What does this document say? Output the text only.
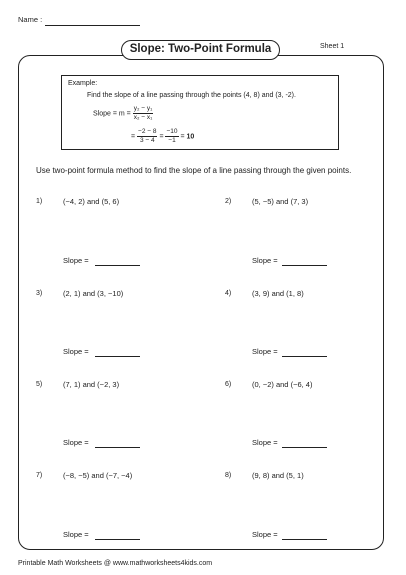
Name :
Slope: Two-Point Formula	Sheet 1
Example:
Find the slope of a line passing through the points (4, 8) and (3, -2).
Slope = $m = \frac{\text{y₂ − y₁}}{\text{x₂ − x₁}}$
= $\frac{-2 - 8}{3 - 4} = \frac{-10}{-1} = 10$
Use two-point formula method to find the slope of a line passing through the given points.
1)	(−4, 2) and (5, 6)	2)	(5, −5) and (7, 3)
Slope =	Slope =
3)	(2, 1) and (3, −10)	4)	(3, 9) and (1, 8)
Slope =	Slope =
5)	(7, 1) and (−2, 3)	6)	(0, −2) and (−6, 4)
Slope =	Slope =
7)	(−8, −5) and (−7, −4)	8)	(9, 8) and (5, 1)
Slope =	Slope =
Printable Math Worksheets @ www.mathworksheets4kids.com
